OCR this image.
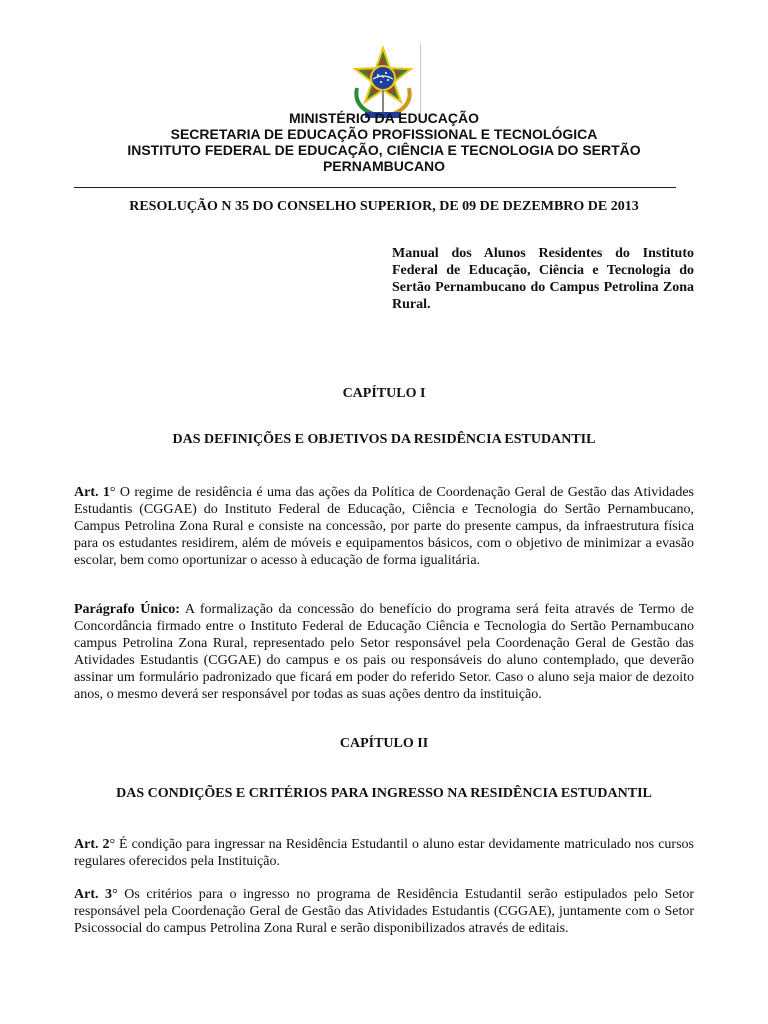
MINISTÉRIO DA EDUCAÇÃO
SECRETARIA DE EDUCAÇÃO PROFISSIONAL E TECNOLÓGICA
INSTITUTO FEDERAL DE EDUCAÇÃO, CIÊNCIA E TECNOLOGIA DO SERTÃO
PERNAMBUCANO
RESOLUÇÃO N 35 DO CONSELHO SUPERIOR, DE 09 DE DEZEMBRO DE 2013
Manual dos Alunos Residentes do Instituto Federal de Educação, Ciência e Tecnologia do Sertão Pernambucano do Campus Petrolina Zona Rural.
CAPÍTULO I
DAS DEFINIÇÕES E OBJETIVOS DA RESIDÊNCIA ESTUDANTIL
Art. 1° O regime de residência é uma das ações da Política de Coordenação Geral de Gestão das Atividades Estudantis (CGGAE) do Instituto Federal de Educação, Ciência e Tecnologia do Sertão Pernambucano, Campus Petrolina Zona Rural e consiste na concessão, por parte do presente campus, da infraestrutura física para os estudantes residirem, além de móveis e equipamentos básicos, com o objetivo de minimizar a evasão escolar, bem como oportunizar o acesso à educação de forma igualitária.
Parágrafo Único: A formalização da concessão do benefício do programa será feita através de Termo de Concordância firmado entre o Instituto Federal de Educação Ciência e Tecnologia do Sertão Pernambucano campus Petrolina Zona Rural, representado pelo Setor responsável pela Coordenação Geral de Gestão das Atividades Estudantis (CGGAE) do campus e os pais ou responsáveis do aluno contemplado, que deverão assinar um formulário padronizado que ficará em poder do referido Setor. Caso o aluno seja maior de dezoito anos, o mesmo deverá ser responsável por todas as suas ações dentro da instituição.
CAPÍTULO II
DAS CONDIÇÕES E CRITÉRIOS PARA INGRESSO NA RESIDÊNCIA ESTUDANTIL
Art. 2° É condição para ingressar na Residência Estudantil o aluno estar devidamente matriculado nos cursos regulares oferecidos pela Instituição.
Art. 3° Os critérios para o ingresso no programa de Residência Estudantil serão estipulados pelo Setor responsável pela Coordenação Geral de Gestão das Atividades Estudantis (CGGAE), juntamente com o Setor Psicossocial do campus Petrolina Zona Rural e serão disponibilizados através de editais.
